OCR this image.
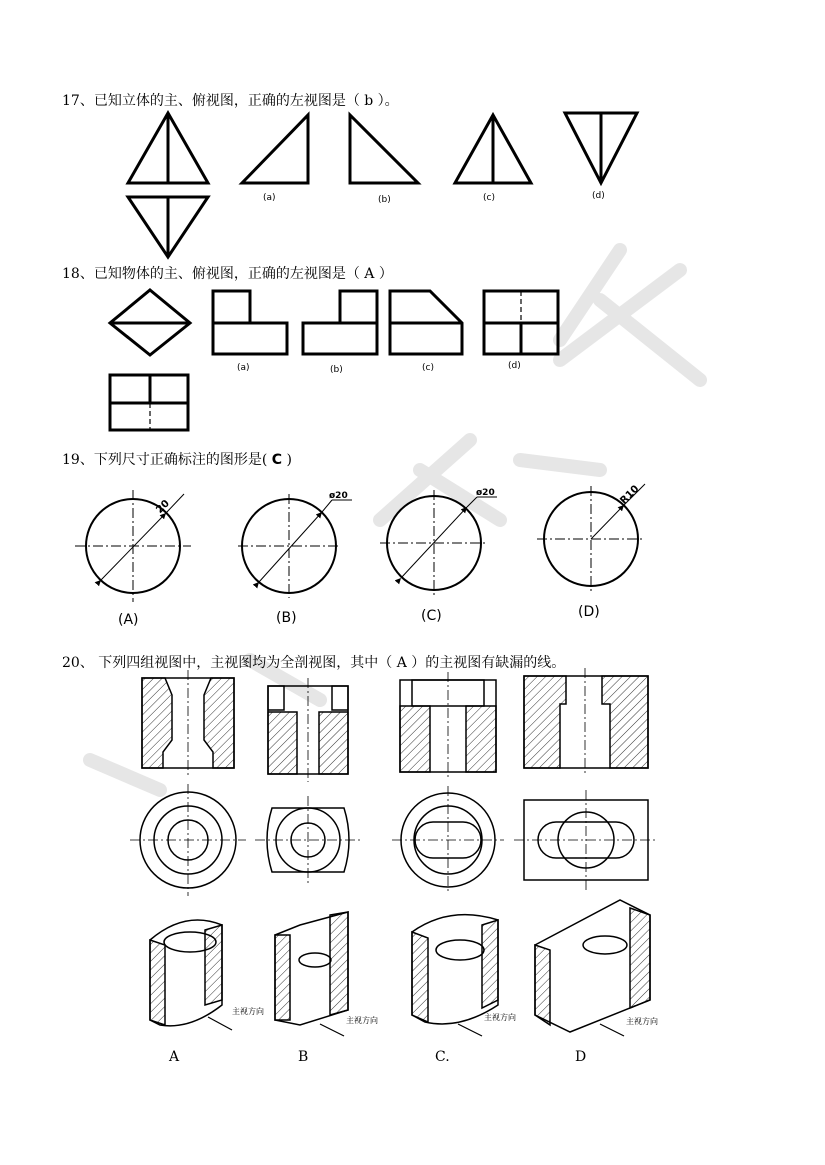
17、已知立体的主、俯视图，正确的左视图是（ b ）。
(a)	(b)	(c)	(d)
18、已知物体的主、俯视图，正确的左视图是（ A ）
(a)	(b)	(c)	(d)
19、下列尺寸正确标注的图形是( C )
20
ø20	ø20	R10
(A)	(B)	(C)	(D)
20、 下列四组视图中，主视图均为全剖视图，其中（ A ）的主视图有缺漏的线。
主视方向
主视方向	主视方向	主视方向
A	B	C.	D
